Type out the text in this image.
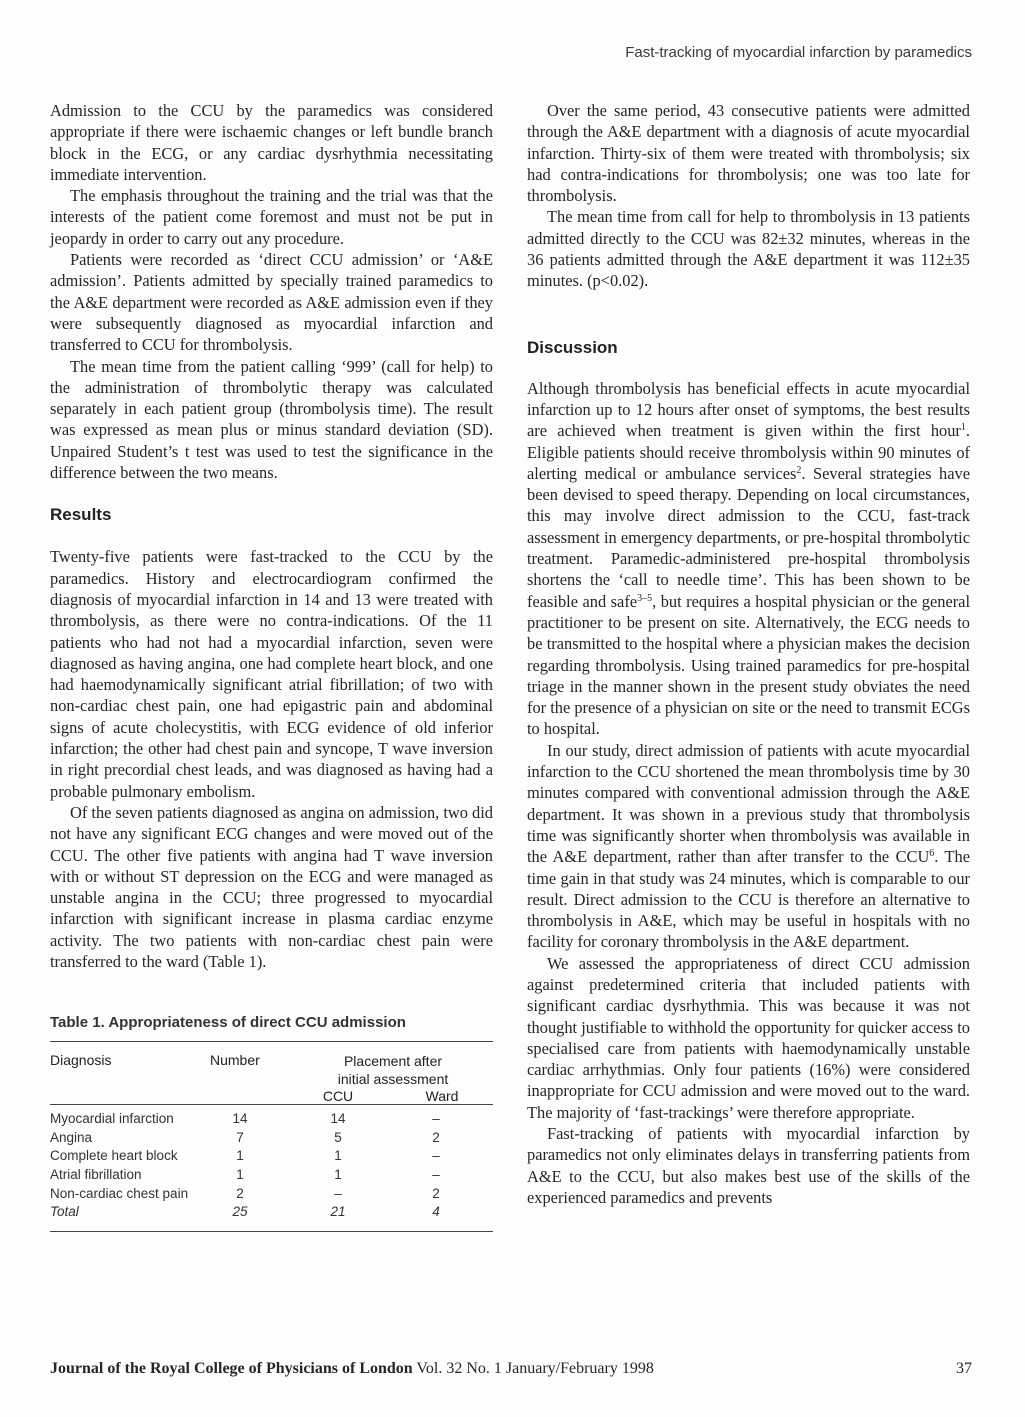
Fast-tracking of myocardial infarction by paramedics

Admission to the CCU by the paramedics was considered appropriate if there were ischaemic changes or left bundle branch block in the ECG, or any cardiac dysrhythmia necessitating immediate intervention.

The emphasis throughout the training and the trial was that the interests of the patient come foremost and must not be put in jeopardy in order to carry out any procedure.

Patients were recorded as ‘direct CCU admission’ or ‘A&E admission’. Patients admitted by specially trained paramedics to the A&E department were recorded as A&E admission even if they were subsequently diagnosed as myocardial infarction and transferred to CCU for thrombolysis.

The mean time from the patient calling ‘999’ (call for help) to the administration of thrombolytic therapy was calculated separately in each patient group (thrombolysis time). The result was expressed as mean plus or minus standard deviation (SD). Unpaired Student’s t test was used to test the significance in the difference between the two means.

Results

Twenty-five patients were fast-tracked to the CCU by the paramedics. History and electrocardiogram confirmed the diagnosis of myocardial infarction in 14 and 13 were treated with thrombolysis, as there were no contra-indications. Of the 11 patients who had not had a myocardial infarction, seven were diagnosed as having angina, one had complete heart block, and one had haemodynamically significant atrial fibrillation; of two with non-cardiac chest pain, one had epigastric pain and abdominal signs of acute cholecystitis, with ECG evidence of old inferior infarction; the other had chest pain and syncope, T wave inversion in right precordial chest leads, and was diagnosed as having had a probable pulmonary embolism.

Of the seven patients diagnosed as angina on admission, two did not have any significant ECG changes and were moved out of the CCU. The other five patients with angina had T wave inversion with or without ST depression on the ECG and were managed as unstable angina in the CCU; three progressed to myocardial infarction with significant increase in plasma cardiac enzyme activity. The two patients with non-cardiac chest pain were transferred to the ward (Table 1).

Table 1. Appropriateness of direct CCU admission
Diagnosis	Number	Placement after
initial assessment
CCU	Ward
Myocardial infarction	14	14	–
Angina	7	5	2
Complete heart block	1	1	–
Atrial fibrillation	1	1	–
Non-cardiac chest pain	2	–	2
Total	25	21	4

Over the same period, 43 consecutive patients were admitted through the A&E department with a diagnosis of acute myocardial infarction. Thirty-six of them were treated with thrombolysis; six had contra-indications for thrombolysis; one was too late for thrombolysis.

The mean time from call for help to thrombolysis in 13 patients admitted directly to the CCU was 82±32 minutes, whereas in the 36 patients admitted through the A&E department it was 112±35 minutes. (p<0.02).

Discussion

Although thrombolysis has beneficial effects in acute myocardial infarction up to 12 hours after onset of symptoms, the best results are achieved when treatment is given within the first hour$^1$. Eligible patients should receive thrombolysis within 90 minutes of alerting medical or ambulance services$^2$. Several strategies have been devised to speed therapy. Depending on local circumstances, this may involve direct admission to the CCU, fast-track assessment in emergency departments, or pre-hospital thrombolytic treatment. Paramedic-administered pre-hospital thrombolysis shortens the ‘call to needle time’. This has been shown to be feasible and safe$^{3-5}$, but requires a hospital physician or the general practitioner to be present on site. Alternatively, the ECG needs to be transmitted to the hospital where a physician makes the decision regarding thrombolysis. Using trained paramedics for pre-hospital triage in the manner shown in the present study obviates the need for the presence of a physician on site or the need to transmit ECGs to hospital.

In our study, direct admission of patients with acute myocardial infarction to the CCU shortened the mean thrombolysis time by 30 minutes compared with conventional admission through the A&E department. It was shown in a previous study that thrombolysis time was significantly shorter when thrombolysis was available in the A&E department, rather than after transfer to the CCU$^6$. The time gain in that study was 24 minutes, which is comparable to our result. Direct admission to the CCU is therefore an alternative to thrombolysis in A&E, which may be useful in hospitals with no facility for coronary thrombolysis in the A&E department.

We assessed the appropriateness of direct CCU admission against predetermined criteria that included patients with significant cardiac dysrhythmia. This was because it was not thought justifiable to withhold the opportunity for quicker access to specialised care from patients with haemodynamically unstable cardiac arrhythmias. Only four patients (16%) were considered inappropriate for CCU admission and were moved out to the ward. The majority of ‘fast-trackings’ were therefore appropriate.

Fast-tracking of patients with myocardial infarction by paramedics not only eliminates delays in transferring patients from A&E to the CCU, but also makes best use of the skills of the experienced paramedics and prevents

Journal of the Royal College of Physicians of London Vol. 32 No. 1 January/February 1998	37
